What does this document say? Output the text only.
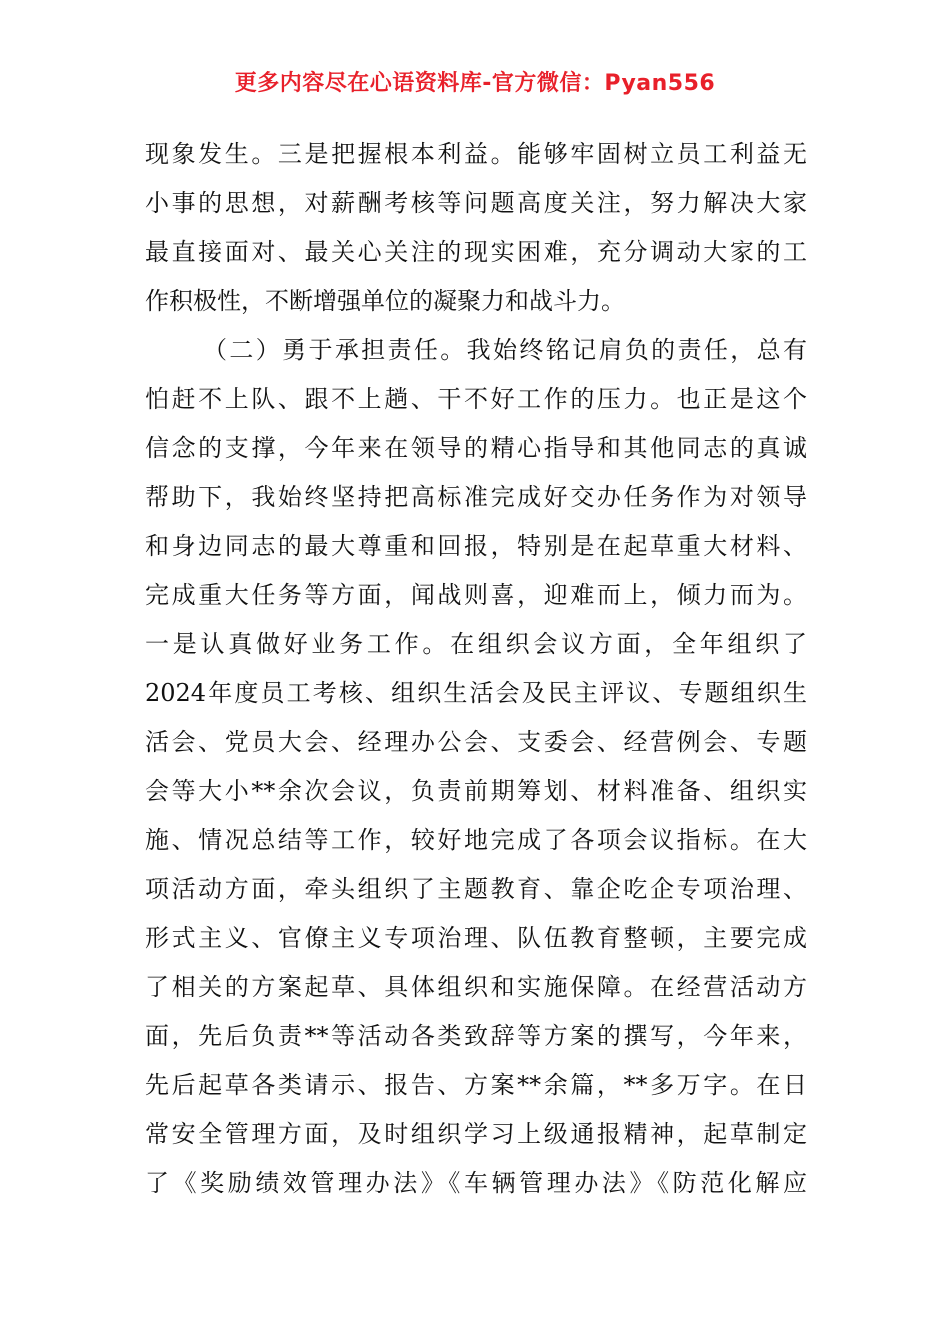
更多内容尽在心语资料库-官方微信：Pyan556
现象发生。三是把握根本利益。能够牢固树立员工利益无
小事的思想，对薪酬考核等问题高度关注，努力解决大家
最直接面对、最关心关注的现实困难，充分调动大家的工
作积极性，不断增强单位的凝聚力和战斗力。
（二）勇于承担责任。我始终铭记肩负的责任，总有
怕赶不上队、跟不上趟、干不好工作的压力。也正是这个
信念的支撑，今年来在领导的精心指导和其他同志的真诚
帮助下，我始终坚持把高标准完成好交办任务作为对领导
和身边同志的最大尊重和回报，特别是在起草重大材料、
完成重大任务等方面，闻战则喜，迎难而上，倾力而为。
一是认真做好业务工作。在组织会议方面，全年组织了
2024年度员工考核、组织生活会及民主评议、专题组织生
活会、党员大会、经理办公会、支委会、经营例会、专题
会等大小**余次会议，负责前期筹划、材料准备、组织实
施、情况总结等工作，较好地完成了各项会议指标。在大
项活动方面，牵头组织了主题教育、靠企吃企专项治理、
形式主义、官僚主义专项治理、队伍教育整顿，主要完成
了相关的方案起草、具体组织和实施保障。在经营活动方
面，先后负责**等活动各类致辞等方案的撰写，今年来，
先后起草各类请示、报告、方案**余篇，**多万字。在日
常安全管理方面，及时组织学习上级通报精神，起草制定
了《奖励绩效管理办法》《车辆管理办法》《防范化解应
